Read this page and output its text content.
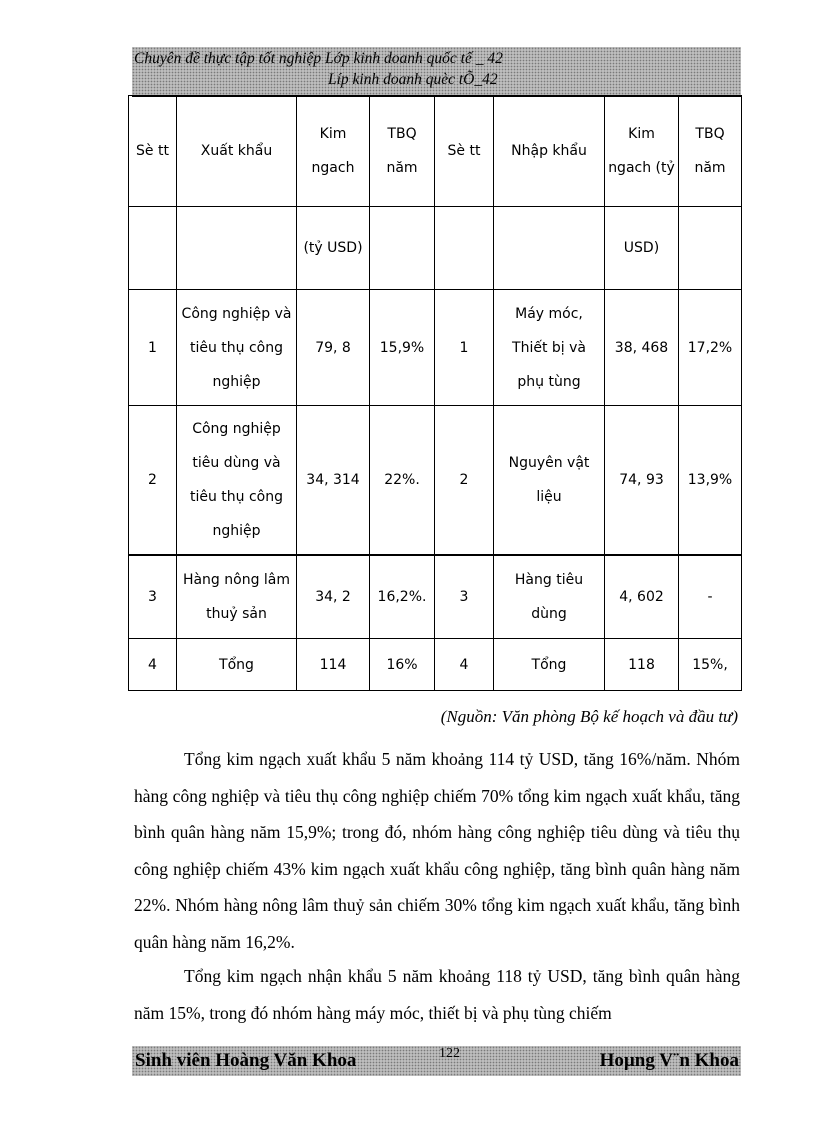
Chuyên đề thực tập tốt nghiệp Lớp kinh doanh quốc tế _ 42
Líp kinh doanh quèc tÕ_42
Sè tt	Xuất khẩu	Kim ngach	TBQ năm	Sè tt	Nhập khẩu	Kim ngach (tỷ	TBQ năm
		(tỷ USD)				USD)	
1	Công nghiệp và tiêu thụ công nghiệp	79, 8	15,9%	1	Máy móc, Thiết bị và phụ tùng	38, 468	17,2%
2	Công nghiệp tiêu dùng và tiêu thụ công nghiệp	34, 314	22%.	2	Nguyên vật liệu	74, 93	13,9%
3	Hàng nông lâm thuỷ sản	34, 2	16,2%.	3	Hàng tiêu dùng	4, 602	-
4	Tổng	114	16%	4	Tổng	118	15%,
(Nguồn: Văn phòng Bộ kế hoạch và đầu tư)

Tổng kim ngạch xuất khẩu 5 năm khoảng 114 tỷ USD, tăng 16%/năm. Nhóm hàng công nghiệp và tiêu thụ công nghiệp chiếm 70% tổng kim ngạch xuất khẩu, tăng bình quân hàng năm 15,9%; trong đó, nhóm hàng công nghiệp tiêu dùng và tiêu thụ công nghiệp chiếm 43% kim ngạch xuất khẩu công nghiệp, tăng bình quân hàng năm 22%. Nhóm hàng nông lâm thuỷ sản chiếm 30% tổng kim ngạch xuất khẩu, tăng bình quân hàng năm 16,2%.

Tổng kim ngạch nhận khẩu 5 năm khoảng 118 tỷ USD, tăng bình quân hàng năm 15%, trong đó nhóm hàng máy móc, thiết bị và phụ tùng chiếm

Sinh viên Hoàng Văn Khoa	122	Hoµng V¨n Khoa
